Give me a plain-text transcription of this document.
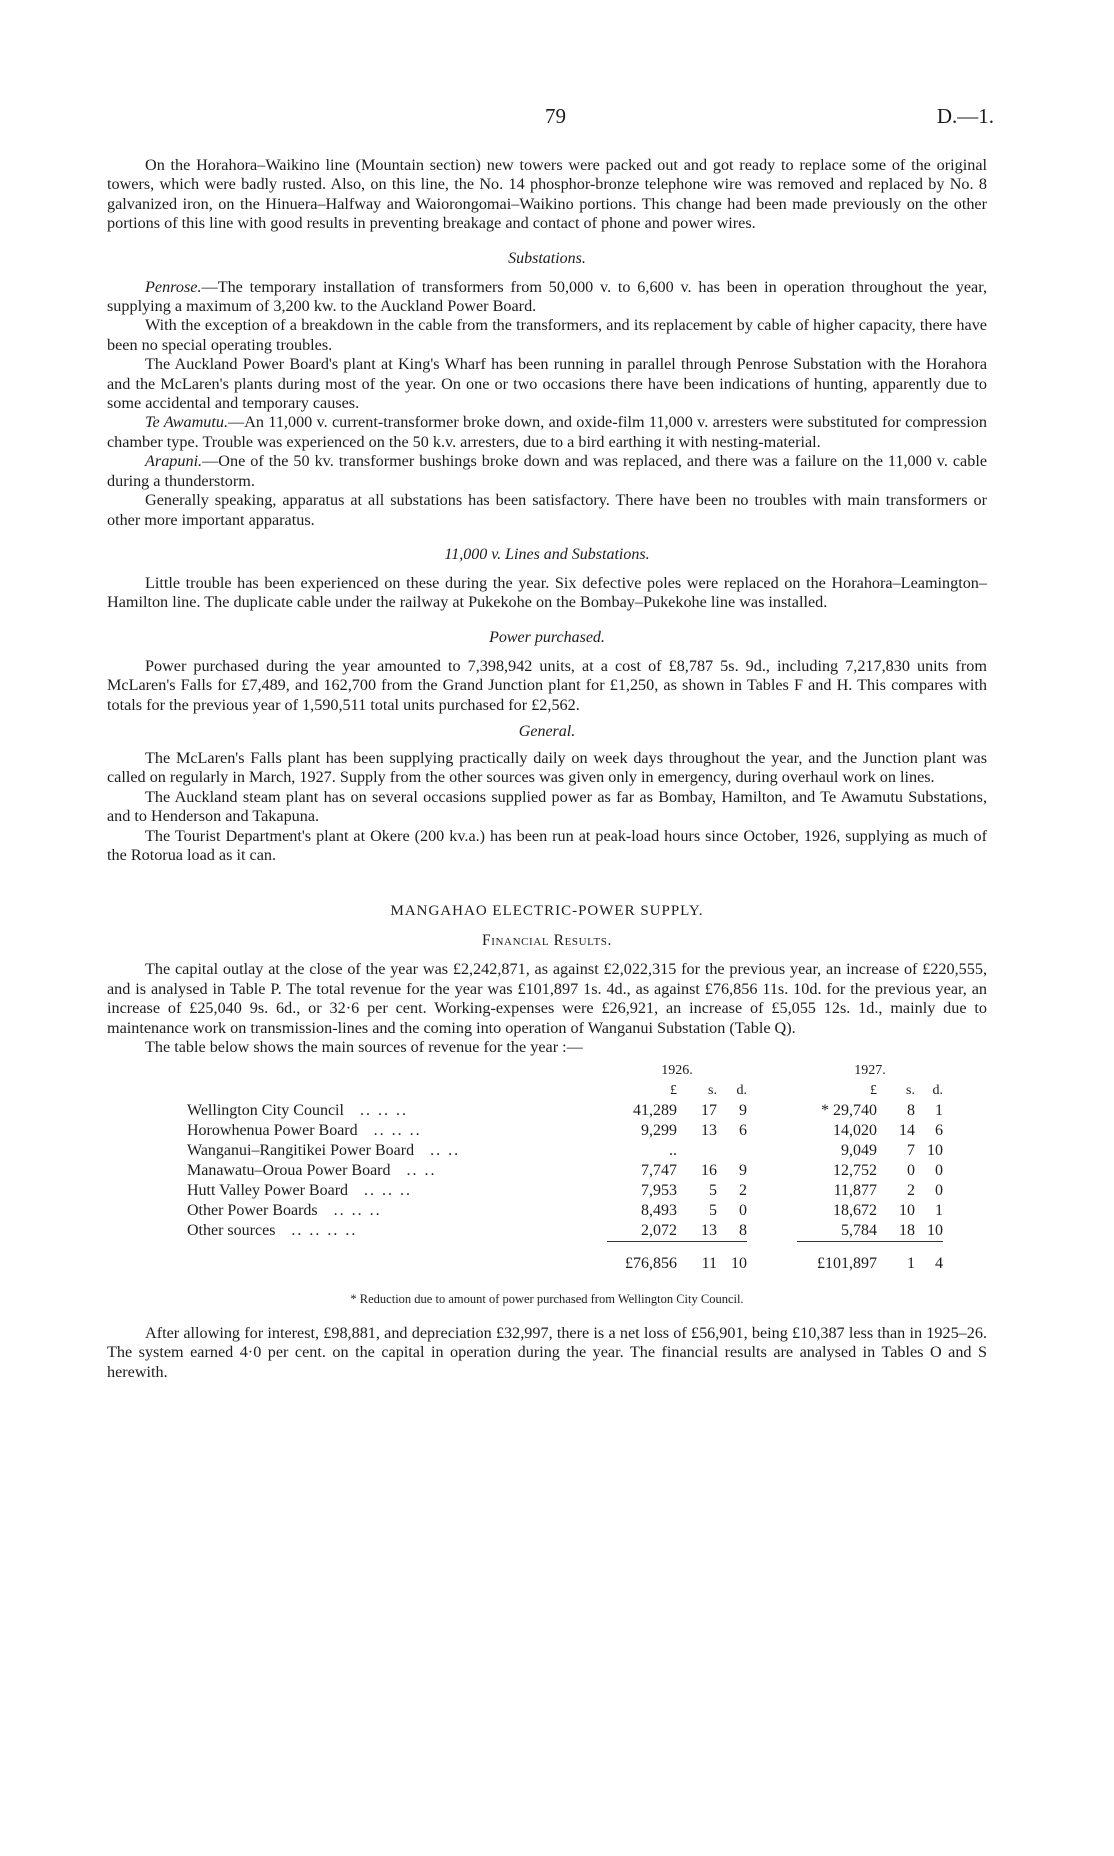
79	D.—1.

On the Horahora–Waikino line (Mountain section) new towers were packed out and got ready to replace some of the original towers, which were badly rusted. Also, on this line, the No. 14 phosphor-bronze telephone wire was removed and replaced by No. 8 galvanized iron, on the Hinuera–Halfway and Waiorongomai–Waikino portions. This change had been made previously on the other portions of this line with good results in preventing breakage and contact of phone and power wires.

Substations.

Penrose.—The temporary installation of transformers from 50,000 v. to 6,600 v. has been in operation throughout the year, supplying a maximum of 3,200 kw. to the Auckland Power Board.

With the exception of a breakdown in the cable from the transformers, and its replacement by cable of higher capacity, there have been no special operating troubles.

The Auckland Power Board's plant at King's Wharf has been running in parallel through Penrose Substation with the Horahora and the McLaren's plants during most of the year. On one or two occasions there have been indications of hunting, apparently due to some accidental and temporary causes.

Te Awamutu.—An 11,000 v. current-transformer broke down, and oxide-film 11,000 v. arresters were substituted for compression chamber type. Trouble was experienced on the 50 k.v. arresters, due to a bird earthing it with nesting-material.

Arapuni.—One of the 50 kv. transformer bushings broke down and was replaced, and there was a failure on the 11,000 v. cable during a thunderstorm.

Generally speaking, apparatus at all substations has been satisfactory. There have been no troubles with main transformers or other more important apparatus.

11,000 v. Lines and Substations.

Little trouble has been experienced on these during the year. Six defective poles were replaced on the Horahora–Leamington–Hamilton line. The duplicate cable under the railway at Pukekohe on the Bombay–Pukekohe line was installed.

Power purchased.

Power purchased during the year amounted to 7,398,942 units, at a cost of £8,787 5s. 9d., including 7,217,830 units from McLaren's Falls for £7,489, and 162,700 from the Grand Junction plant for £1,250, as shown in Tables F and H. This compares with totals for the previous year of 1,590,511 total units purchased for £2,562.

General.

The McLaren's Falls plant has been supplying practically daily on week days throughout the year, and the Junction plant was called on regularly in March, 1927. Supply from the other sources was given only in emergency, during overhaul work on lines.

The Auckland steam plant has on several occasions supplied power as far as Bombay, Hamilton, and Te Awamutu Substations, and to Henderson and Takapuna.

The Tourist Department's plant at Okere (200 kv.a.) has been run at peak-load hours since October, 1926, supplying as much of the Rotorua load as it can.

MANGAHAO ELECTRIC-POWER SUPPLY.
Financial Results.

The capital outlay at the close of the year was £2,242,871, as against £2,022,315 for the previous year, an increase of £220,555, and is analysed in Table P. The total revenue for the year was £101,897 1s. 4d., as against £76,856 11s. 10d. for the previous year, an increase of £25,040 9s. 6d., or 32·6 per cent. Working-expenses were £26,921, an increase of £5,055 12s. 1d., mainly due to maintenance work on transmission-lines and the coming into operation of Wanganui Substation (Table Q).

The table below shows the main sources of revenue for the year :—

	1926.				1927.		
	£	s.	d.		£	s.	d.
Wellington City Council .. .. ..	41,289	17	9		* 29,740	8	1
Horowhenua Power Board .. .. ..	9,299	13	6		14,020	14	6
Wanganui–Rangitikei Power Board .. ..	..				9,049	7	10
Manawatu–Oroua Power Board .. ..	7,747	16	9		12,752	0	0
Hutt Valley Power Board .. .. ..	7,953	5	2		11,877	2	0
Other Power Boards .. .. ..	8,493	5	0		18,672	10	1
Other sources .. .. .. ..	2,072	13	8		5,784	18	10
	£76,856	11	10		£101,897	1	4

* Reduction due to amount of power purchased from Wellington City Council.

After allowing for interest, £98,881, and depreciation £32,997, there is a net loss of £56,901, being £10,387 less than in 1925–26. The system earned 4·0 per cent. on the capital in operation during the year. The financial results are analysed in Tables O and S herewith.
